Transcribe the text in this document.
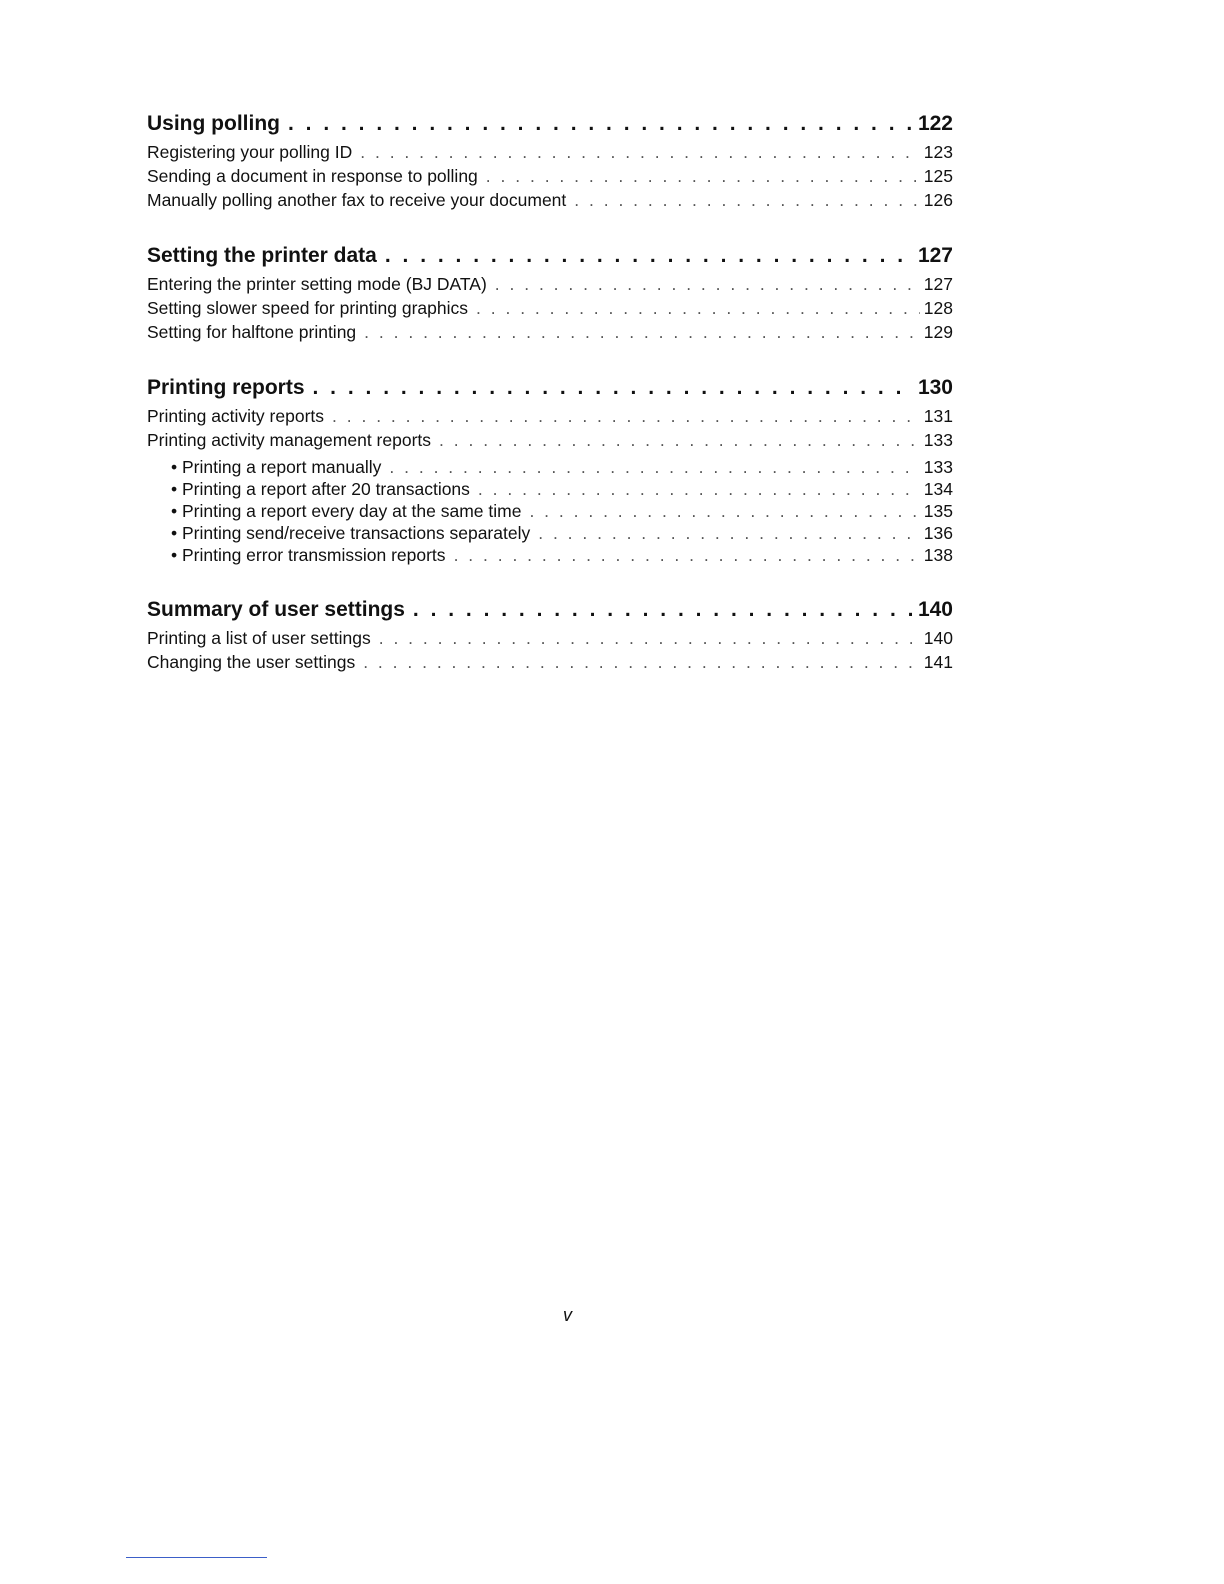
Using polling . . .	122
Registering your polling ID . . .	123
Sending a document in response to polling . . .	125
Manually polling another fax to receive your document . . .	126
Setting the printer data . . .	127
Entering the printer setting mode (BJ DATA) . . .	127
Setting slower speed for printing graphics . . .	128
Setting for halftone printing . . .	129
Printing reports . . .	130
Printing activity reports . . .	131
Printing activity management reports . . .	133
• Printing a report manually . . .	133
• Printing a report after 20 transactions . . .	134
• Printing a report every day at the same time . . .	135
• Printing send/receive transactions separately . . .	136
• Printing error transmission reports . . .	138
Summary of user settings . . .	140
Printing a list of user settings . . .	140
Changing the user settings . . .	141
v
